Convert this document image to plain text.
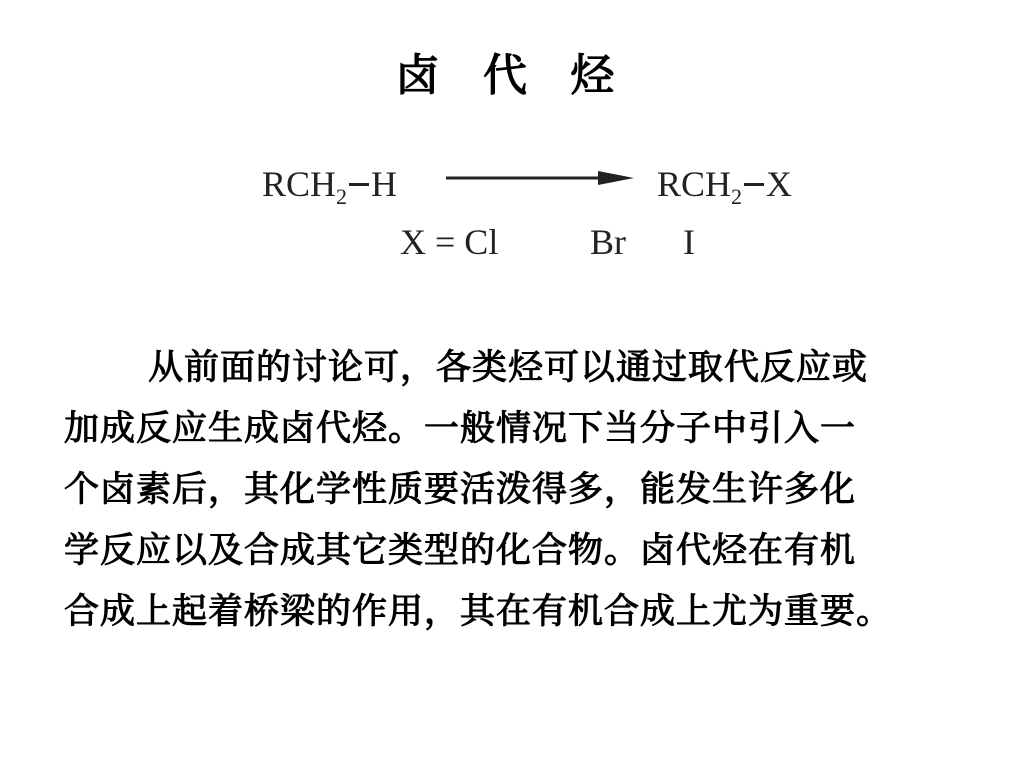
卤 代 烃
$RCH_2$ H	$RCH_2$ X
X = Cl	Br I
从前面的讨论可，各类烃可以通过取代反应或
加成反应生成卤代烃。一般情况下当分子中引入一
个卤素后，其化学性质要活泼得多，能发生许多化
学反应以及合成其它类型的化合物。卤代烃在有机
合成上起着桥梁的作用，其在有机合成上尤为重要。
